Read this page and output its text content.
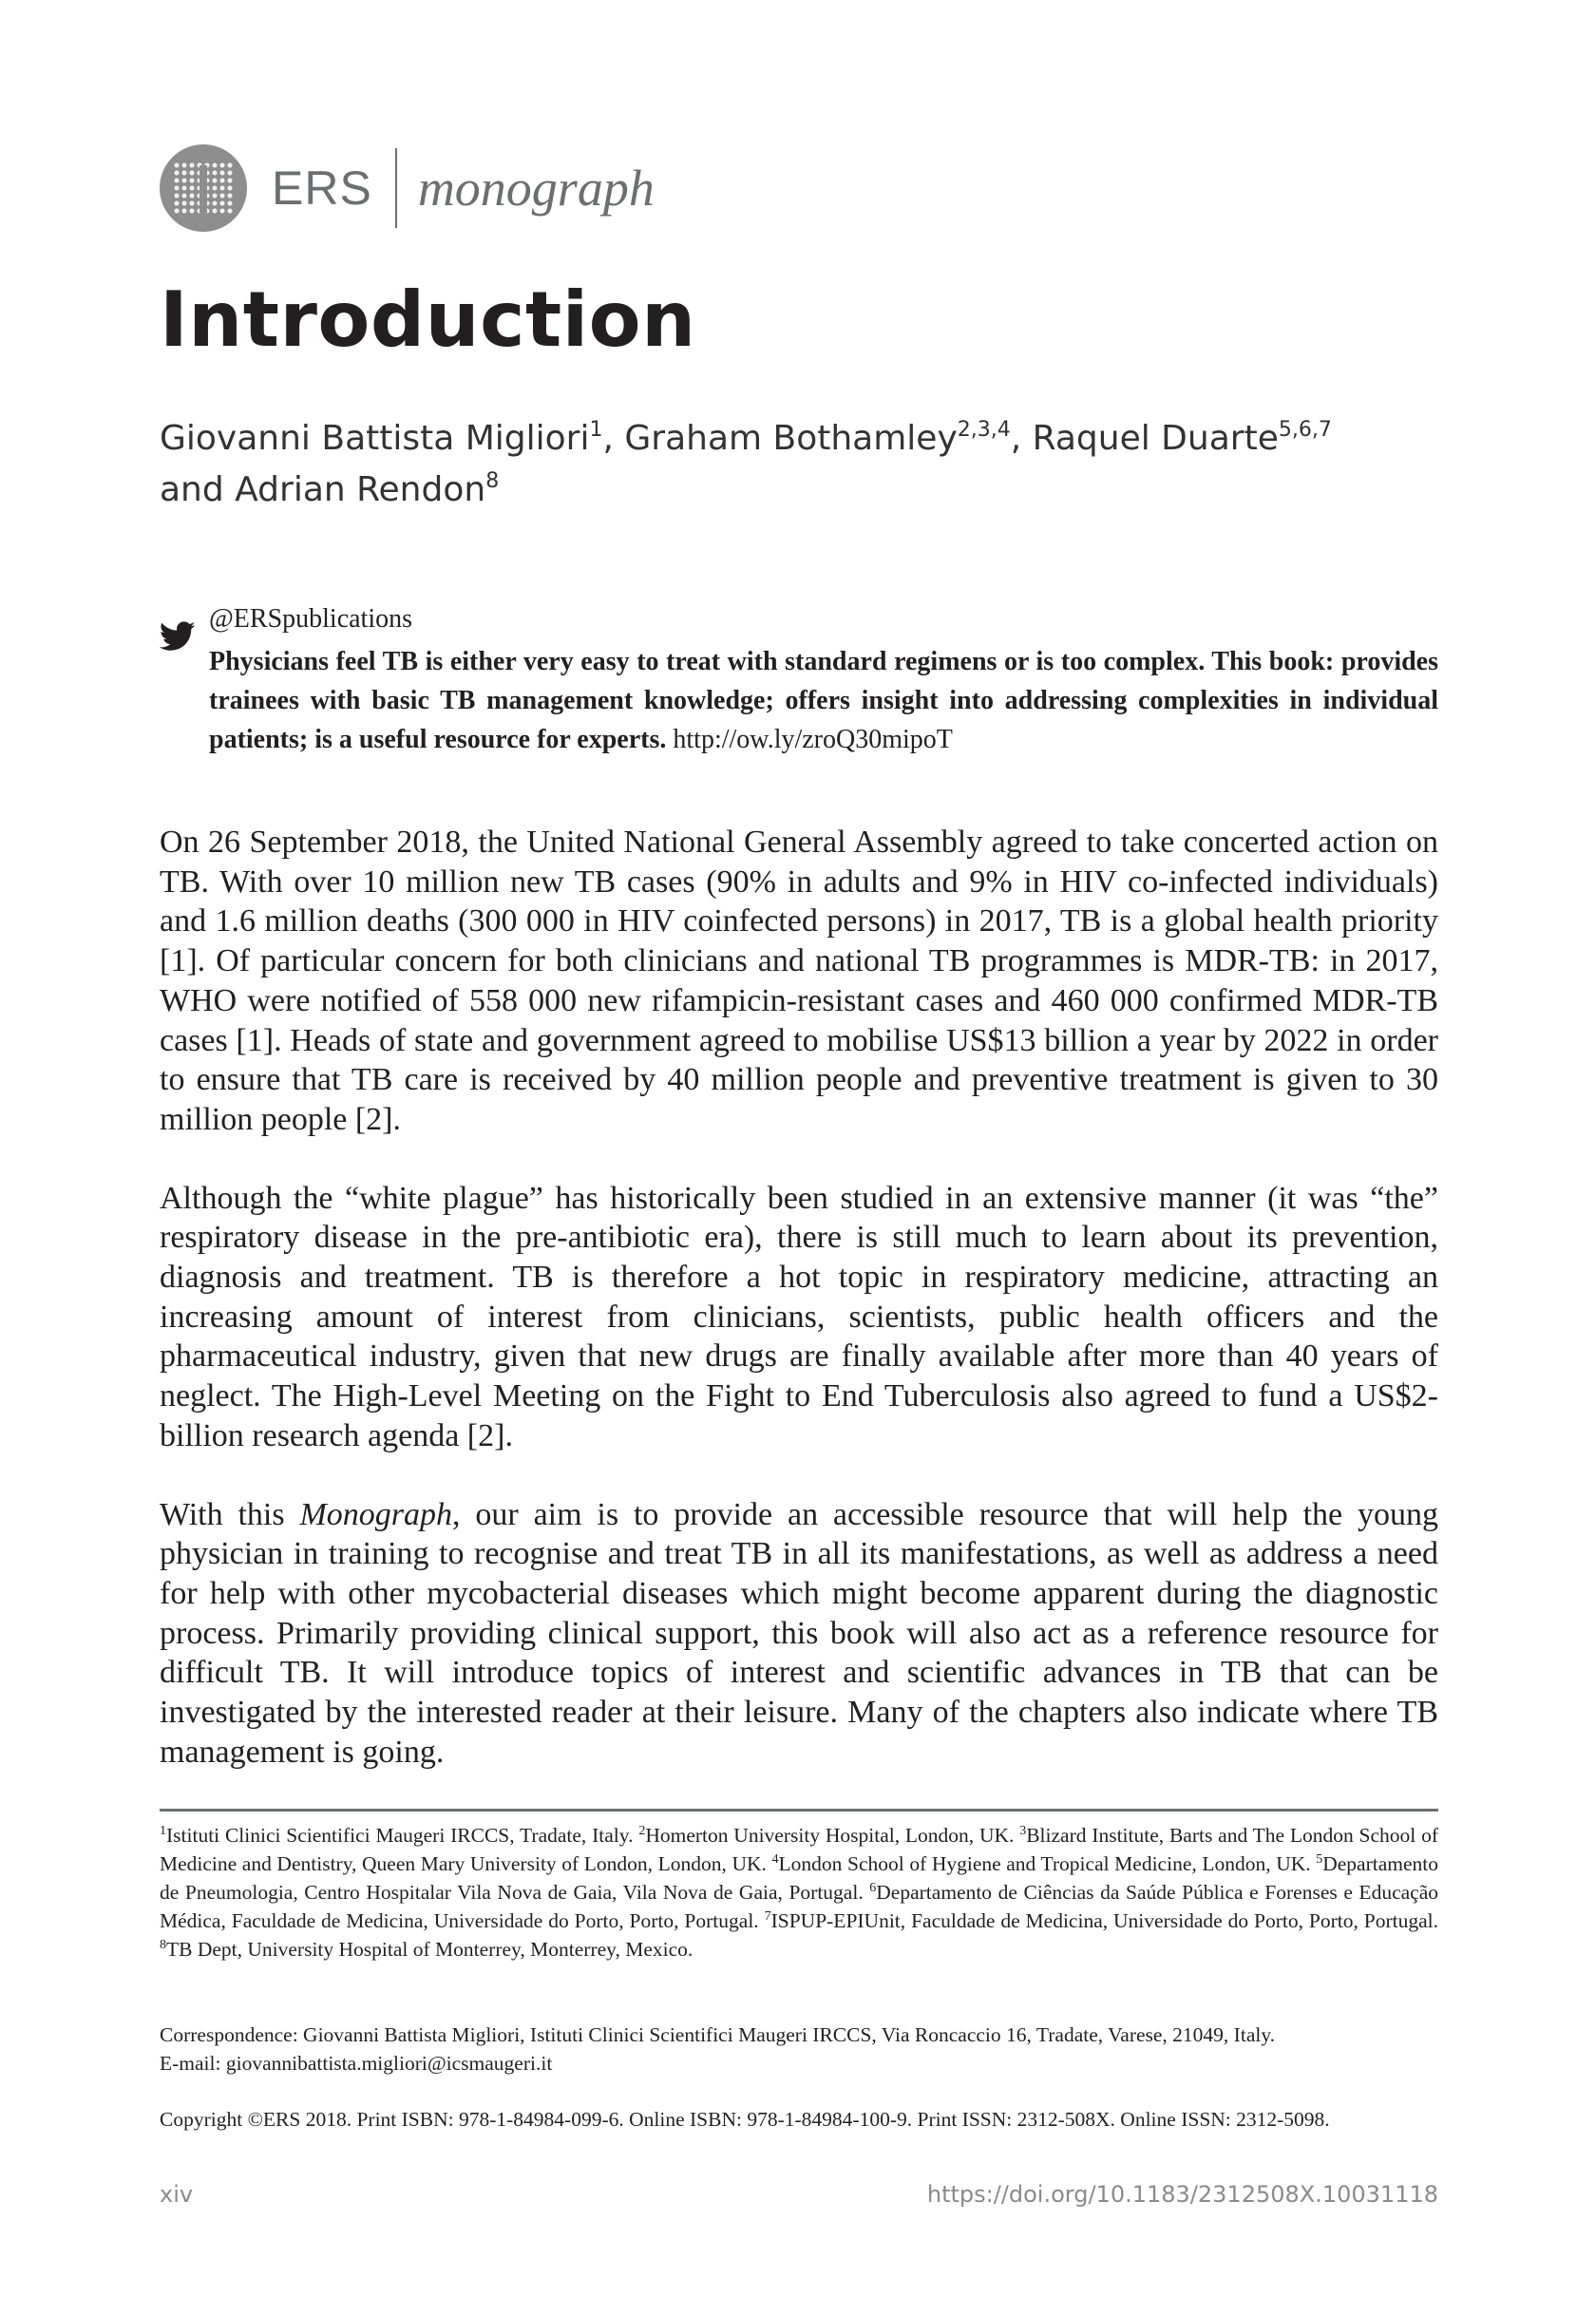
ERS monograph
Introduction
Giovanni Battista Migliori$^1$, Graham Bothamley$^{2,3,4}$, Raquel Duarte$^{5,6,7}$
and Adrian Rendon$^8$
@ERSpublications
Physicians feel TB is either very easy to treat with standard regimens or is too complex. This book: provides trainees with basic TB management knowledge; offers insight into addressing complexities in individual patients; is a useful resource for experts. http://ow.ly/zroQ30mipoT

On 26 September 2018, the United National General Assembly agreed to take concerted action on TB. With over 10 million new TB cases (90% in adults and 9% in HIV co-infected individuals) and 1.6 million deaths (300 000 in HIV coinfected persons) in 2017, TB is a global health priority [1]. Of particular concern for both clinicians and national TB programmes is MDR-TB: in 2017, WHO were notified of 558 000 new rifampicin-resistant cases and 460 000 confirmed MDR-TB cases [1]. Heads of state and government agreed to mobilise US$13 billion a year by 2022 in order to ensure that TB care is received by 40 million people and preventive treatment is given to 30 million people [2].

Although the “white plague” has historically been studied in an extensive manner (it was “the” respiratory disease in the pre-antibiotic era), there is still much to learn about its prevention, diagnosis and treatment. TB is therefore a hot topic in respiratory medicine, attracting an increasing amount of interest from clinicians, scientists, public health officers and the pharmaceutical industry, given that new drugs are finally available after more than 40 years of neglect. The High-Level Meeting on the Fight to End Tuberculosis also agreed to fund a US$2-billion research agenda [2].

With this Monograph, our aim is to provide an accessible resource that will help the young physician in training to recognise and treat TB in all its manifestations, as well as address a need for help with other mycobacterial diseases which might become apparent during the diagnostic process. Primarily providing clinical support, this book will also act as a reference resource for difficult TB. It will introduce topics of interest and scientific advances in TB that can be investigated by the interested reader at their leisure. Many of the chapters also indicate where TB management is going.

$^1$Istituti Clinici Scientifici Maugeri IRCCS, Tradate, Italy. $^2$Homerton University Hospital, London, UK. $^3$Blizard Institute, Barts and The London School of Medicine and Dentistry, Queen Mary University of London, London, UK. $^4$London School of Hygiene and Tropical Medicine, London, UK. $^5$Departamento de Pneumologia, Centro Hospitalar Vila Nova de Gaia, Vila Nova de Gaia, Portugal. $^6$Departamento de Ciências da Saúde Pública e Forenses e Educação Médica, Faculdade de Medicina, Universidade do Porto, Porto, Portugal. $^7$ISPUP-EPIUnit, Faculdade de Medicina, Universidade do Porto, Porto, Portugal. $^8$TB Dept, University Hospital of Monterrey, Monterrey, Mexico.
Correspondence: Giovanni Battista Migliori, Istituti Clinici Scientifici Maugeri IRCCS, Via Roncaccio 16, Tradate, Varese, 21049, Italy.
E-mail: giovannibattista.migliori@icsmaugeri.it
Copyright ©ERS 2018. Print ISBN: 978-1-84984-099-6. Online ISBN: 978-1-84984-100-9. Print ISSN: 2312-508X. Online ISSN: 2312-5098.
xiv	https://doi.org/10.1183/2312508X.10031118
